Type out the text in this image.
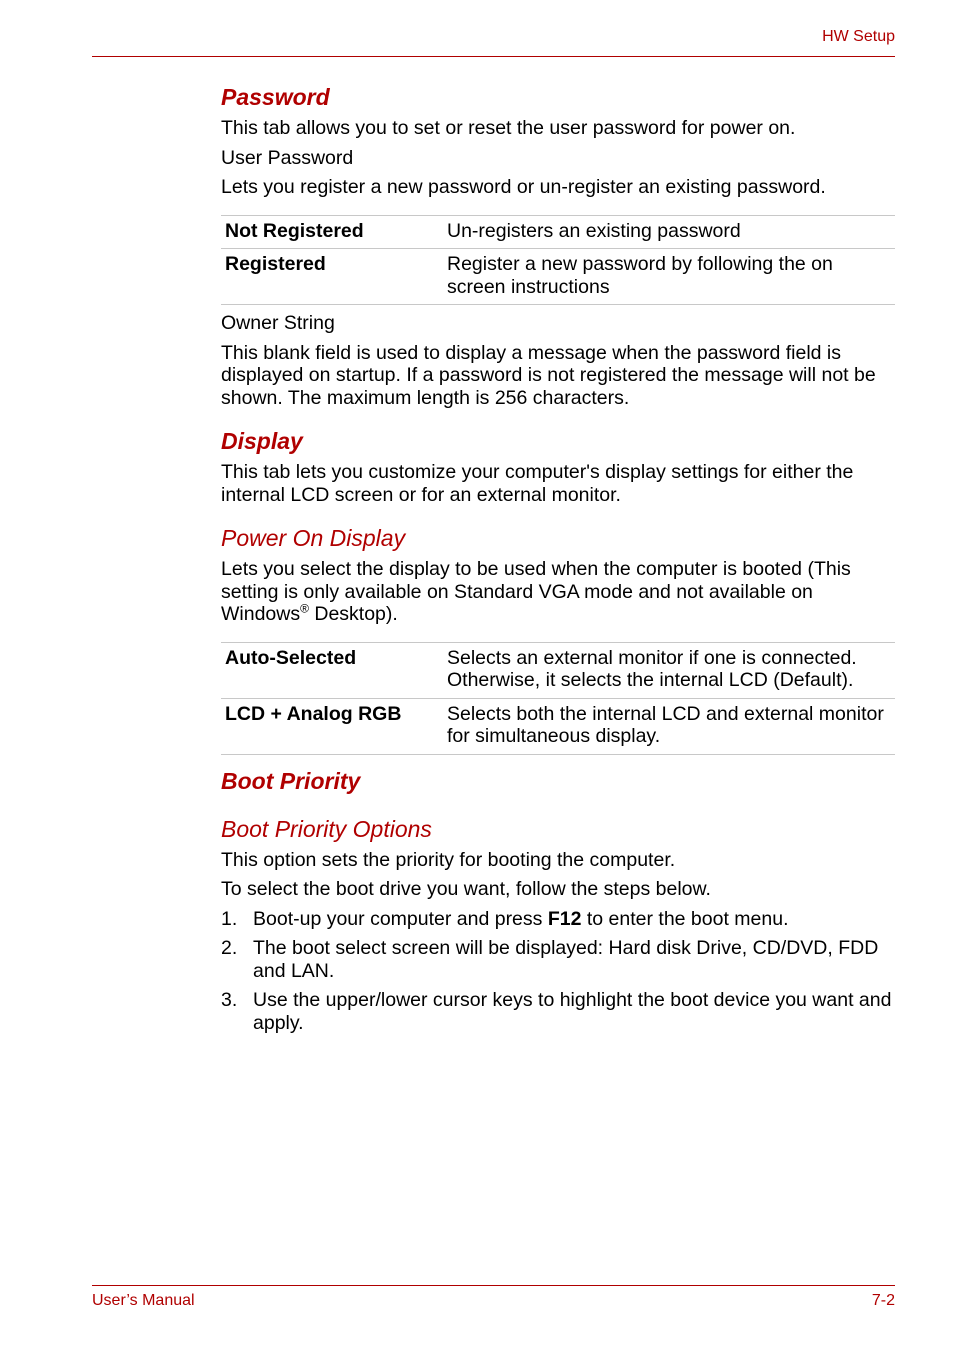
HW Setup
Password

This tab allows you to set or reset the user password for power on.

User Password

Lets you register a new password or un-register an existing password.

Not Registered	Un-registers an existing password
Registered	Register a new password by following the on screen instructions

Owner String

This blank field is used to display a message when the password field is displayed on startup. If a password is not registered the message will not be shown. The maximum length is 256 characters.

Display

This tab lets you customize your computer's display settings for either the internal LCD screen or for an external monitor.

Power On Display

Lets you select the display to be used when the computer is booted (This setting is only available on Standard VGA mode and not available on Windows® Desktop).

Auto-Selected	Selects an external monitor if one is connected. Otherwise, it selects the internal LCD (Default).
LCD + Analog RGB	Selects both the internal LCD and external monitor for simultaneous display.
Boot Priority
Boot Priority Options

This option sets the priority for booting the computer.

To select the boot drive you want, follow the steps below.

1. Boot-up your computer and press F12 to enter the boot menu.
2. The boot select screen will be displayed: Hard disk Drive, CD/DVD, FDD and LAN.
3. Use the upper/lower cursor keys to highlight the boot device you want and apply.
User’s Manual	7-2
